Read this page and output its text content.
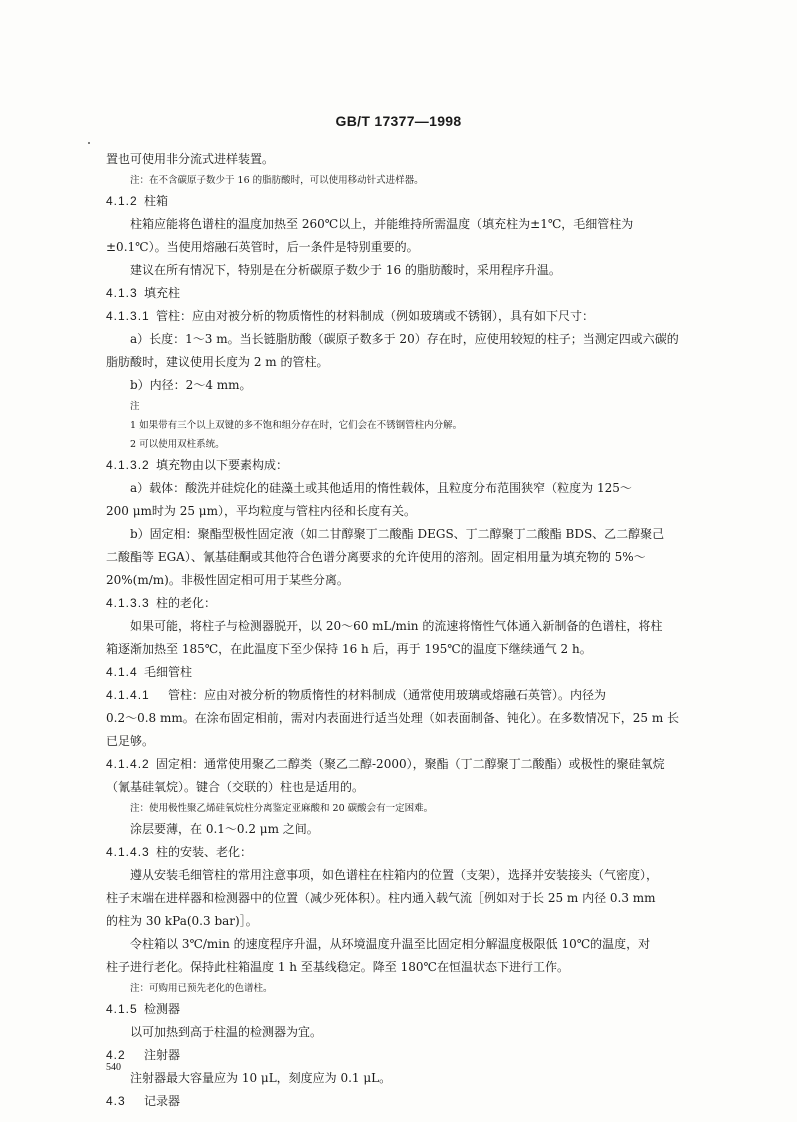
GB/T 17377—1998

置也可使用非分流式进样装置。

注：在不含碳原子数少于 16 的脂肪酸时，可以使用移动针式进样器。

4.1.2 柱箱

柱箱应能将色谱柱的温度加热至 260℃以上，并能维持所需温度（填充柱为±1℃，毛细管柱为

±0.1℃）。当使用熔融石英管时，后一条件是特别重要的。

建议在所有情况下，特别是在分析碳原子数少于 16 的脂肪酸时，采用程序升温。

4.1.3 填充柱

4.1.3.1 管柱：应由对被分析的物质惰性的材料制成（例如玻璃或不锈钢），具有如下尺寸：

a）长度：1～3 m。当长链脂肪酸（碳原子数多于 20）存在时，应使用较短的柱子；当测定四或六碳的

脂肪酸时，建议使用长度为 2 m 的管柱。

b）内径：2～4 mm。

注

1 如果带有三个以上双键的多不饱和组分存在时，它们会在不锈钢管柱内分解。

2 可以使用双柱系统。

4.1.3.2 填充物由以下要素构成：

a）载体：酸洗并硅烷化的硅藻土或其他适用的惰性载体，且粒度分布范围狭窄（粒度为 125～

200 μm时为 25 μm），平均粒度与管柱内径和长度有关。

b）固定相：聚酯型极性固定液（如二甘醇聚丁二酸酯 DEGS、丁二醇聚丁二酸酯 BDS、乙二醇聚己

二酸酯等 EGA）、氰基硅酮或其他符合色谱分离要求的允许使用的溶剂。固定相用量为填充物的 5%～

20%(m/m)。非极性固定相可用于某些分离。

4.1.3.3 柱的老化：

如果可能，将柱子与检测器脱开，以 20～60 mL/min 的流速将惰性气体通入新制备的色谱柱，将柱

箱逐渐加热至 185℃，在此温度下至少保持 16 h 后，再于 195℃的温度下继续通气 2 h。

4.1.4 毛细管柱

4.1.4.1 管柱：应由对被分析的物质惰性的材料制成（通常使用玻璃或熔融石英管）。内径为

0.2～0.8 mm。在涂布固定相前，需对内表面进行适当处理（如表面制备、钝化）。在多数情况下，25 m 长

已足够。

4.1.4.2 固定相：通常使用聚乙二醇类（聚乙二醇-2000），聚酯（丁二醇聚丁二酸酯）或极性的聚硅氧烷

（氰基硅氧烷）。键合（交联的）柱也是适用的。

注：使用极性聚乙烯硅氧烷柱分离鉴定亚麻酸和 20 碳酸会有一定困难。

涂层要薄，在 0.1～0.2 μm 之间。

4.1.4.3 柱的安装、老化：

遵从安装毛细管柱的常用注意事项，如色谱柱在柱箱内的位置（支架），选择并安装接头（气密度），

柱子末端在进样器和检测器中的位置（减少死体积）。柱内通入载气流［例如对于长 25 m 内径 0.3 mm

的柱为 30 kPa(0.3 bar)］。

令柱箱以 3℃/min 的速度程序升温，从环境温度升温至比固定相分解温度极限低 10℃的温度，对

柱子进行老化。保持此柱箱温度 1 h 至基线稳定。降至 180℃在恒温状态下进行工作。

注：可购用已预先老化的色谱柱。

4.1.5 检测器

以可加热到高于柱温的检测器为宜。

4.2 注射器

注射器最大容量应为 10 μL，刻度应为 0.1 μL。

4.3 记录器

540
